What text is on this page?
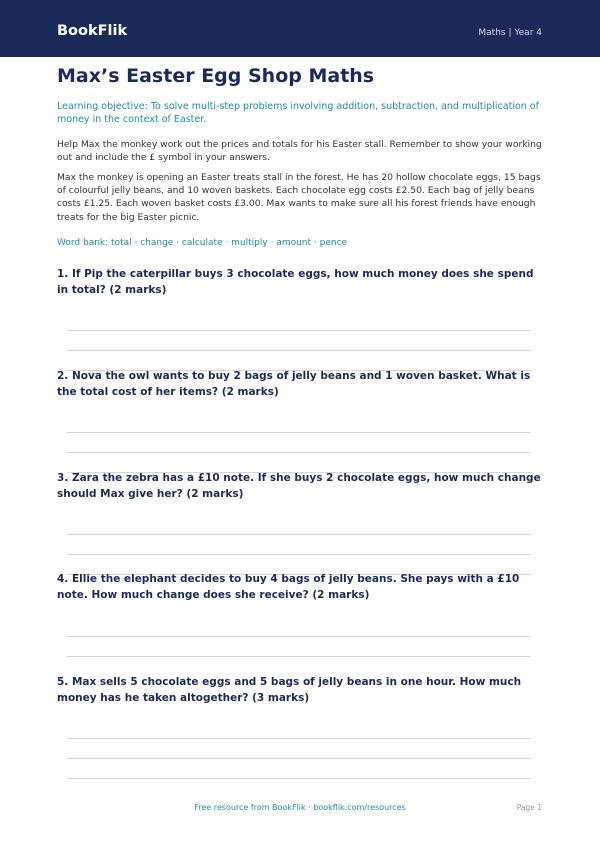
BookFlik	Maths | Year 4
Max’s Easter Egg Shop Maths

Learning objective: To solve multi-step problems involving addition, subtraction, and multiplication of money in the context of Easter.

Help Max the monkey work out the prices and totals for his Easter stall. Remember to show your working out and include the £ symbol in your answers.

Max the monkey is opening an Easter treats stall in the forest. He has 20 hollow chocolate eggs, 15 bags of colourful jelly beans, and 10 woven baskets. Each chocolate egg costs £2.50. Each bag of jelly beans costs £1.25. Each woven basket costs £3.00. Max wants to make sure all his forest friends have enough treats for the big Easter picnic.

Word bank: total · change · calculate · multiply · amount · pence

1. If Pip the caterpillar buys 3 chocolate eggs, how much money does she spend in total? (2 marks)

2. Nova the owl wants to buy 2 bags of jelly beans and 1 woven basket. What is the total cost of her items? (2 marks)

3. Zara the zebra has a £10 note. If she buys 2 chocolate eggs, how much change should Max give her? (2 marks)

4. Ellie the elephant decides to buy 4 bags of jelly beans. She pays with a £10 note. How much change does she receive? (2 marks)

5. Max sells 5 chocolate eggs and 5 bags of jelly beans in one hour. How much money has he taken altogether? (3 marks)

Free resource from BookFlik · bookflik.com/resources	Page 1
